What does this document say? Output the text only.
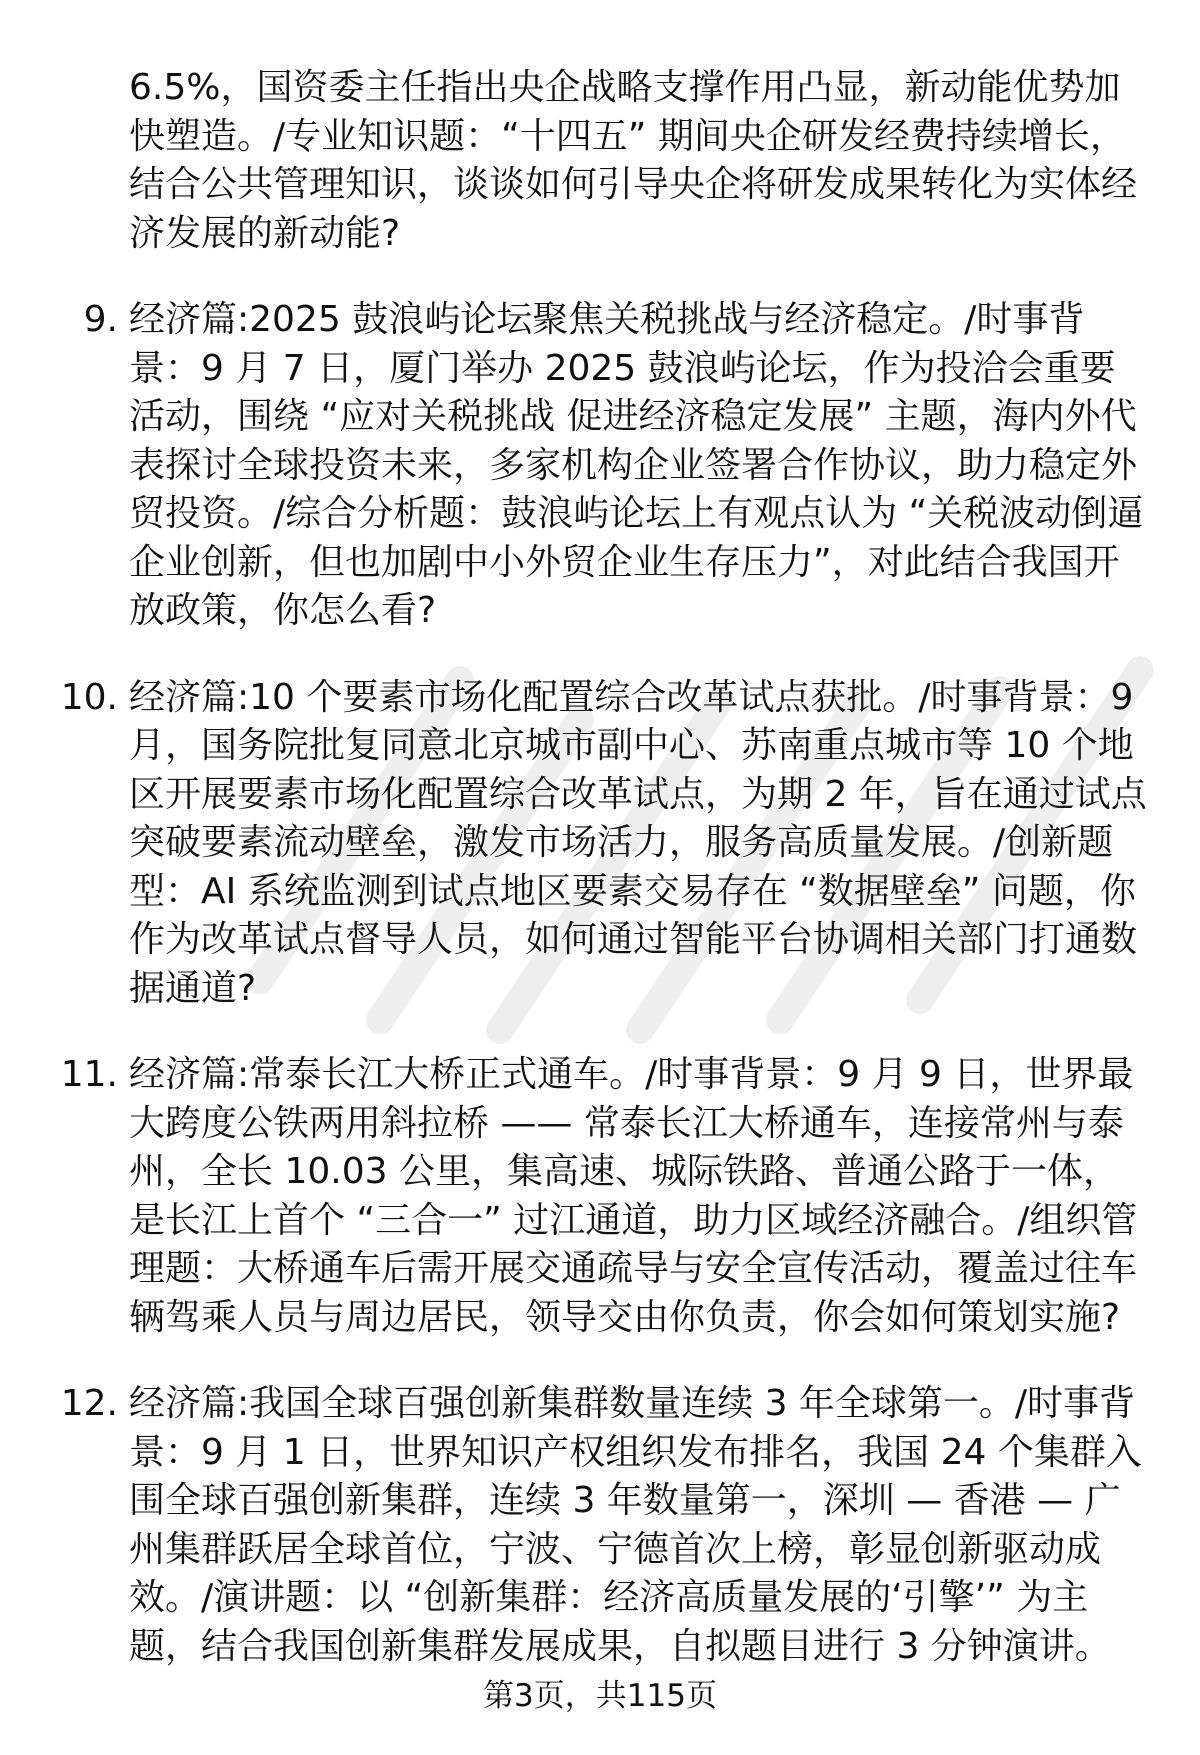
6.5%，国资委主任指出央企战略支撑作用凸显，新动能优势加快塑造。/专业知识题：“十四五” 期间央企研发经费持续增长，结合公共管理知识，谈谈如何引导央企将研发成果转化为实体经济发展的新动能?

9. 经济篇:2025 鼓浪屿论坛聚焦关税挑战与经济稳定。/时事背景：9 月 7 日，厦门举办 2025 鼓浪屿论坛，作为投洽会重要活动，围绕 “应对关税挑战 促进经济稳定发展” 主题，海内外代表探讨全球投资未来，多家机构企业签署合作协议，助力稳定外贸投资。/综合分析题：鼓浪屿论坛上有观点认为 “关税波动倒逼企业创新，但也加剧中小外贸企业生存压力”，对此结合我国开放政策，你怎么看?

10. 经济篇:10 个要素市场化配置综合改革试点获批。/时事背景：9 月，国务院批复同意北京城市副中心、苏南重点城市等 10 个地区开展要素市场化配置综合改革试点，为期 2 年，旨在通过试点突破要素流动壁垒，激发市场活力，服务高质量发展。/创新题型：AI 系统监测到试点地区要素交易存在 “数据壁垒” 问题，你作为改革试点督导人员，如何通过智能平台协调相关部门打通数据通道?

11. 经济篇:常泰长江大桥正式通车。/时事背景：9 月 9 日，世界最大跨度公铁两用斜拉桥 —— 常泰长江大桥通车，连接常州与泰州，全长 10.03 公里，集高速、城际铁路、普通公路于一体，是长江上首个 “三合一” 过江通道，助力区域经济融合。/组织管理题：大桥通车后需开展交通疏导与安全宣传活动，覆盖过往车辆驾乘人员与周边居民，领导交由你负责，你会如何策划实施?

12. 经济篇:我国全球百强创新集群数量连续 3 年全球第一。/时事背景：9 月 1 日，世界知识产权组织发布排名，我国 24 个集群入围全球百强创新集群，连续 3 年数量第一，深圳 — 香港 — 广州集群跃居全球首位，宁波、宁德首次上榜，彰显创新驱动成效。/演讲题：以 “创新集群：经济高质量发展的‘引擎’” 为主题，结合我国创新集群发展成果，自拟题目进行 3 分钟演讲。

第3页，共115页
